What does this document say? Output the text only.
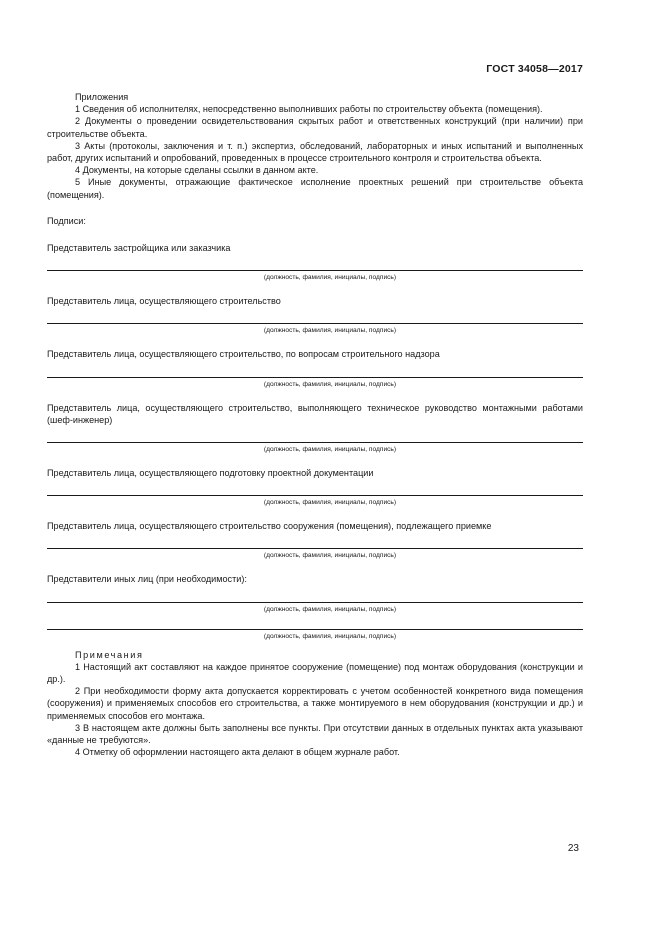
ГОСТ 34058—2017

Приложения

1 Сведения об исполнителях, непосредственно выполнивших работы по строительству объекта (помещения).

2 Документы о проведении освидетельствования скрытых работ и ответственных конструкций (при наличии) при строительстве объекта.

3 Акты (протоколы, заключения и т. п.) экспертиз, обследований, лабораторных и иных испытаний и выполненных работ, других испытаний и опробований, проведенных в процессе строительного контроля и строительства объекта.

4 Документы, на которые сделаны ссылки в данном акте.

5 Иные документы, отражающие фактическое исполнение проектных решений при строительстве объекта (помещения).

Подписи:

Представитель застройщика или заказчика

(должность, фамилия, инициалы, подпись)

Представитель лица, осуществляющего строительство

(должность, фамилия, инициалы, подпись)

Представитель лица, осуществляющего строительство, по вопросам строительного надзора

(должность, фамилия, инициалы, подпись)

Представитель лица, осуществляющего строительство, выполняющего техническое руководство монтажными работами (шеф-инженер)

(должность, фамилия, инициалы, подпись)

Представитель лица, осуществляющего подготовку проектной документации

(должность, фамилия, инициалы, подпись)

Представитель лица, осуществляющего строительство сооружения (помещения), подлежащего приемке

(должность, фамилия, инициалы, подпись)

Представители иных лиц (при необходимости):

(должность, фамилия, инициалы, подпись)
(должность, фамилия, инициалы, подпись)

Примечания

1 Настоящий акт составляют на каждое принятое сооружение (помещение) под монтаж оборудования (конструкции и др.).

2 При необходимости форму акта допускается корректировать с учетом особенностей конкретного вида помещения (сооружения) и применяемых способов его строительства, а также монтируемого в нем оборудования (конструкции и др.) и применяемых способов его монтажа.

3 В настоящем акте должны быть заполнены все пункты. При отсутствии данных в отдельных пунктах акта указывают «данные не требуются».

4 Отметку об оформлении настоящего акта делают в общем журнале работ.

23
